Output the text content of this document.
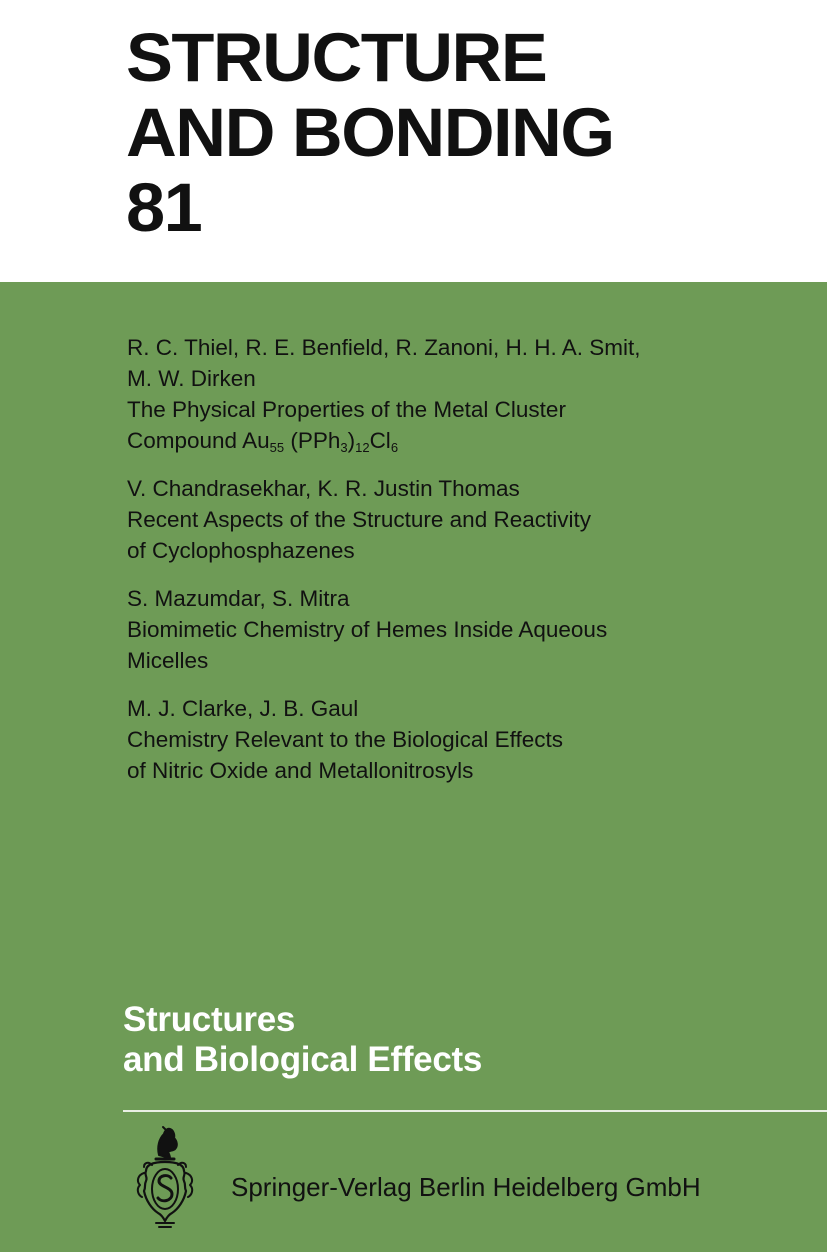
STRUCTURE
AND BONDING
81
R. C. Thiel, R. E. Benfield, R. Zanoni, H. H. A. Smit,
M. W. Dirken
The Physical Properties of the Metal Cluster
Compound $Au_{55}$ $(PPh_3)_{12}Cl_6$
V. Chandrasekhar, K. R. Justin Thomas
Recent Aspects of the Structure and Reactivity
of Cyclophosphazenes
S. Mazumdar, S. Mitra
Biomimetic Chemistry of Hemes Inside Aqueous
Micelles
M. J. Clarke, J. B. Gaul
Chemistry Relevant to the Biological Effects
of Nitric Oxide and Metallonitrosyls
Structures
and Biological Effects
Springer-Verlag Berlin Heidelberg GmbH
